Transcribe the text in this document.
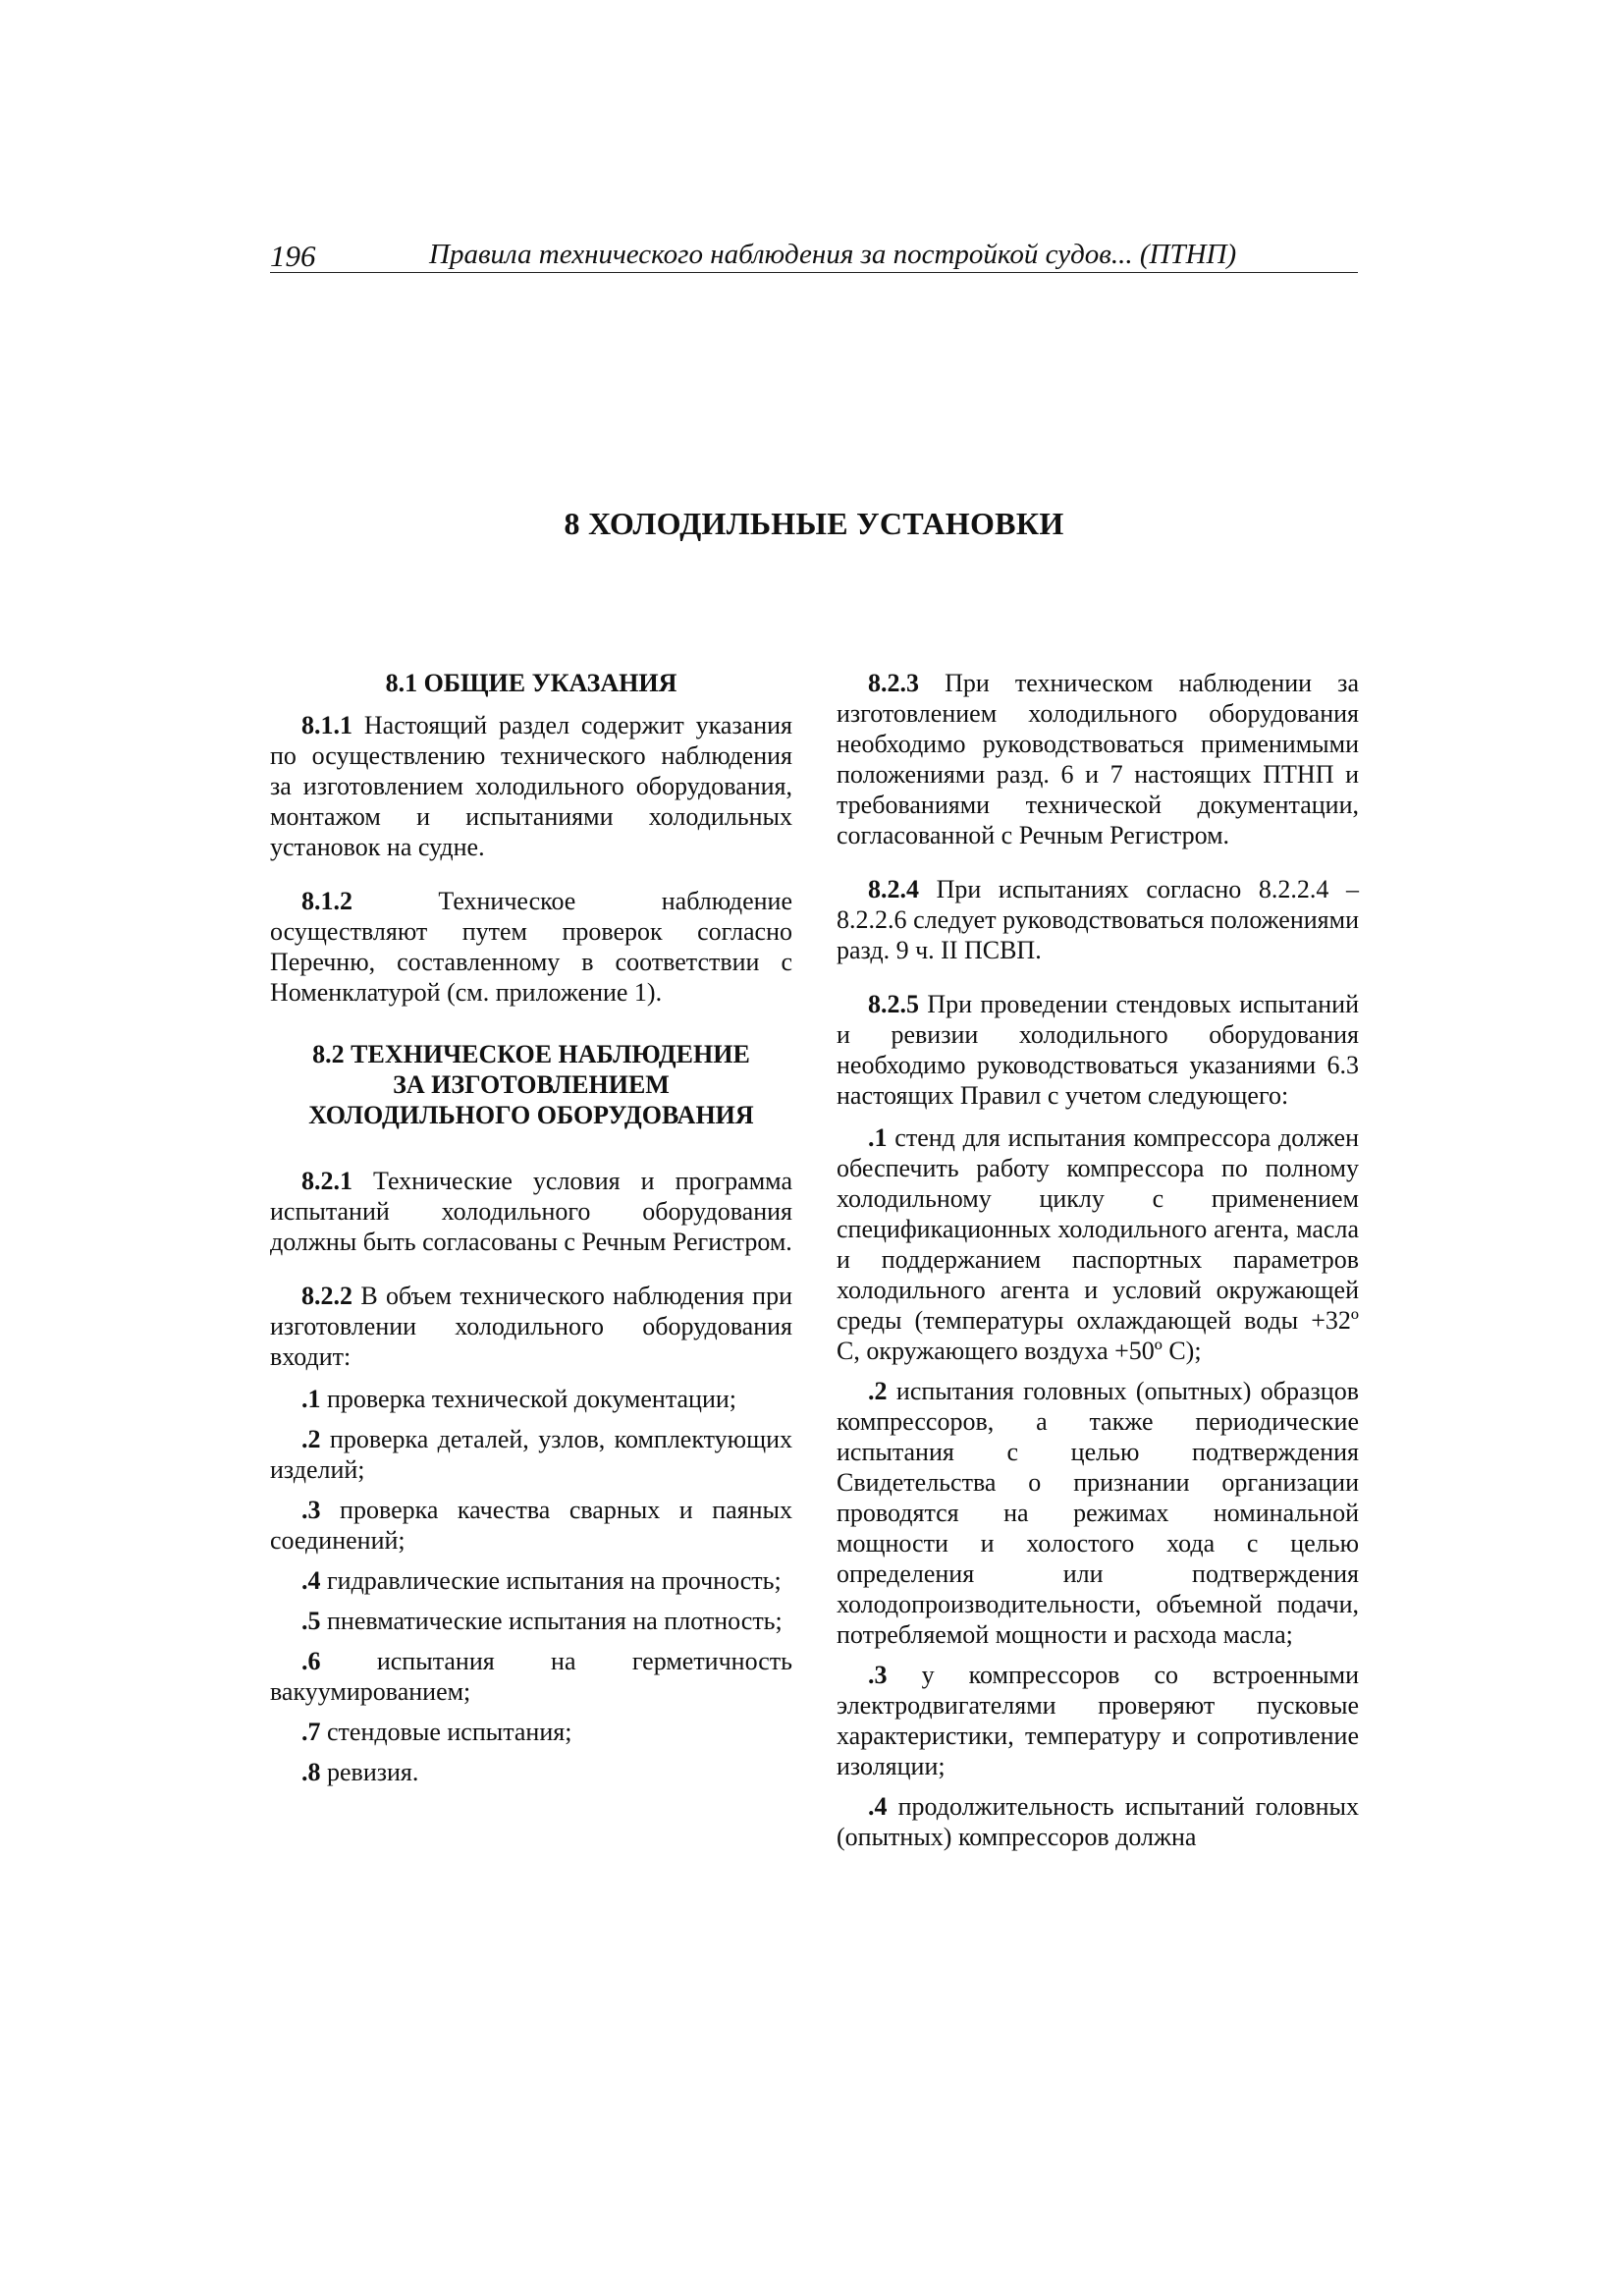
196	Правила технического наблюдения за постройкой судов... (ПТНП)
8 ХОЛОДИЛЬНЫЕ УСТАНОВКИ
8.1 ОБЩИЕ УКАЗАНИЯ

8.1.1 Настоящий раздел содержит указания по осуществлению технического наблюдения за изготовлением холодильного оборудования, монтажом и испытаниями холодильных установок на судне.

8.1.2 Техническое наблюдение осуществляют путем проверок согласно Перечню, составленному в соответствии с Номенклатурой (см. приложение 1).

8.2 ТЕХНИЧЕСКОЕ НАБЛЮДЕНИЕ
ЗА ИЗГОТОВЛЕНИЕМ
ХОЛОДИЛЬНОГО ОБОРУДОВАНИЯ

8.2.1 Технические условия и программа испытаний холодильного оборудования должны быть согласованы с Речным Регистром.

8.2.2 В объем технического наблюдения при изготовлении холодильного оборудования входит:

.1 проверка технической документации;

.2 проверка деталей, узлов, комплектующих изделий;

.3 проверка качества сварных и паяных соединений;

.4 гидравлические испытания на прочность;

.5 пневматические испытания на плотность;

.6 испытания на герметичность вакуумированием;

.7 стендовые испытания;

.8 ревизия.

8.2.3 При техническом наблюдении за изготовлением холодильного оборудования необходимо руководствоваться применимыми положениями разд. 6 и 7 настоящих ПТНП и требованиями технической документации, согласованной с Речным Регистром.

8.2.4 При испытаниях согласно 8.2.2.4 – 8.2.2.6 следует руководствоваться положениями разд. 9 ч. II ПСВП.

8.2.5 При проведении стендовых испытаний и ревизии холодильного оборудования необходимо руководствоваться указаниями 6.3 настоящих Правил с учетом следующего:

.1 стенд для испытания компрессора должен обеспечить работу компрессора по полному холодильному циклу с применением спецификационных холодильного агента, масла и поддержанием паспортных параметров холодильного агента и условий окружающей среды (температуры охлаждающей воды +32º С, окружающего воздуха +50º С);

.2 испытания головных (опытных) образцов компрессоров, а также периодические испытания с целью подтверждения Свидетельства о признании организации проводятся на режимах номинальной мощности и холостого хода с целью определения или подтверждения холодопроизводительности, объемной подачи, потребляемой мощности и расхода масла;

.3 у компрессоров со встроенными электродвигателями проверяют пусковые характеристики, температуру и сопротивление изоляции;

.4 продолжительность испытаний головных (опытных) компрессоров должна
